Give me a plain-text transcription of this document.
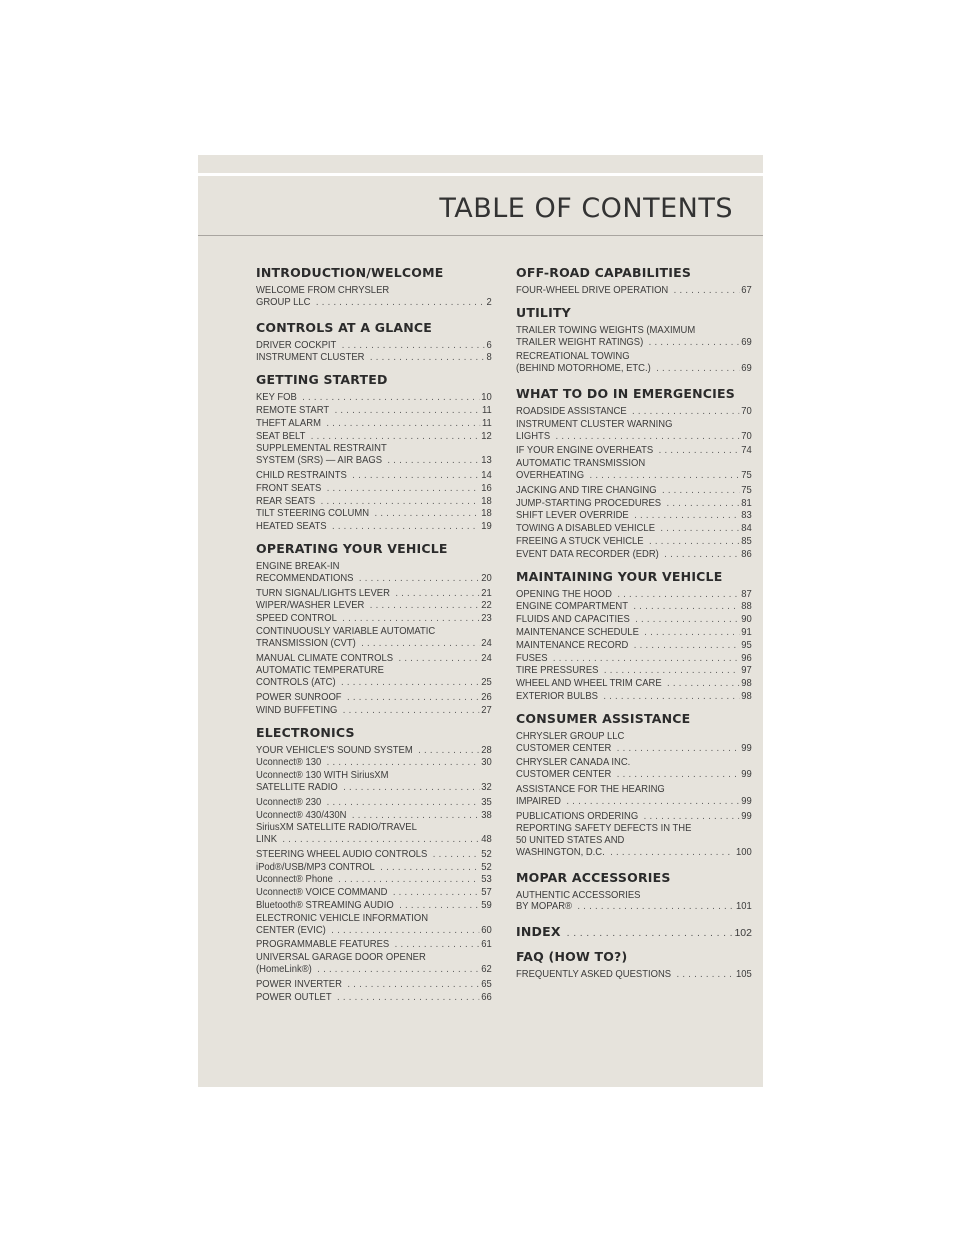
TABLE OF CONTENTS
INTRODUCTION/WELCOME
WELCOME FROM CHRYSLER
GROUP LLC .....	2
CONTROLS AT A GLANCE
DRIVER COCKPIT .....	6
INSTRUMENT CLUSTER .....	8
GETTING STARTED
KEY FOB .....	10
REMOTE START .....	11
THEFT ALARM .....	11
SEAT BELT .....	12
SUPPLEMENTAL RESTRAINT
SYSTEM (SRS) — AIR BAGS .....	13
CHILD RESTRAINTS .....	14
FRONT SEATS .....	16
REAR SEATS .....	18
TILT STEERING COLUMN .....	18
HEATED SEATS .....	19
OPERATING YOUR VEHICLE
ENGINE BREAK-IN
RECOMMENDATIONS .....	20
TURN SIGNAL/LIGHTS LEVER .....	21
WIPER/WASHER LEVER .....	22
SPEED CONTROL .....	23
CONTINUOUSLY VARIABLE AUTOMATIC
TRANSMISSION (CVT) .....	24
MANUAL CLIMATE CONTROLS .....	24
AUTOMATIC TEMPERATURE
CONTROLS (ATC) .....	25
POWER SUNROOF .....	26
WIND BUFFETING .....	27
ELECTRONICS
YOUR VEHICLE'S SOUND SYSTEM .....	28
Uconnect® 130 .....	30
Uconnect® 130 WITH SiriusXM
SATELLITE RADIO .....	32
Uconnect® 230 .....	35
Uconnect® 430/430N .....	38
SiriusXM SATELLITE RADIO/TRAVEL
LINK .....	48
STEERING WHEEL AUDIO CONTROLS .....	52
iPod®/USB/MP3 CONTROL .....	52
Uconnect® Phone .....	53
Uconnect® VOICE COMMAND .....	57
Bluetooth® STREAMING AUDIO .....	59
ELECTRONIC VEHICLE INFORMATION
CENTER (EVIC) .....	60
PROGRAMMABLE FEATURES .....	61
UNIVERSAL GARAGE DOOR OPENER
(HomeLink®) .....	62
POWER INVERTER .....	65
POWER OUTLET .....	66
OFF-ROAD CAPABILITIES
FOUR-WHEEL DRIVE OPERATION .....	67
UTILITY
TRAILER TOWING WEIGHTS (MAXIMUM
TRAILER WEIGHT RATINGS) .....	69
RECREATIONAL TOWING
(BEHIND MOTORHOME, ETC.) .....	69
WHAT TO DO IN EMERGENCIES
ROADSIDE ASSISTANCE .....	70
INSTRUMENT CLUSTER WARNING
LIGHTS .....	70
IF YOUR ENGINE OVERHEATS .....	74
AUTOMATIC TRANSMISSION
OVERHEATING .....	75
JACKING AND TIRE CHANGING .....	75
JUMP-STARTING PROCEDURES .....	81
SHIFT LEVER OVERRIDE .....	83
TOWING A DISABLED VEHICLE .....	84
FREEING A STUCK VEHICLE .....	85
EVENT DATA RECORDER (EDR) .....	86
MAINTAINING YOUR VEHICLE
OPENING THE HOOD .....	87
ENGINE COMPARTMENT .....	88
FLUIDS AND CAPACITIES .....	90
MAINTENANCE SCHEDULE .....	91
MAINTENANCE RECORD .....	95
FUSES .....	96
TIRE PRESSURES .....	97
WHEEL AND WHEEL TRIM CARE .....	98
EXTERIOR BULBS .....	98
CONSUMER ASSISTANCE
CHRYSLER GROUP LLC
CUSTOMER CENTER .....	99
CHRYSLER CANADA INC.
CUSTOMER CENTER .....	99
ASSISTANCE FOR THE HEARING
IMPAIRED .....	99
PUBLICATIONS ORDERING .....	99
REPORTING SAFETY DEFECTS IN THE
50 UNITED STATES AND
WASHINGTON, D.C. .....	100
MOPAR ACCESSORIES
AUTHENTIC ACCESSORIES
BY MOPAR® .....	101
INDEX .....	102
FAQ (HOW TO?)
FREQUENTLY ASKED QUESTIONS .....	105
